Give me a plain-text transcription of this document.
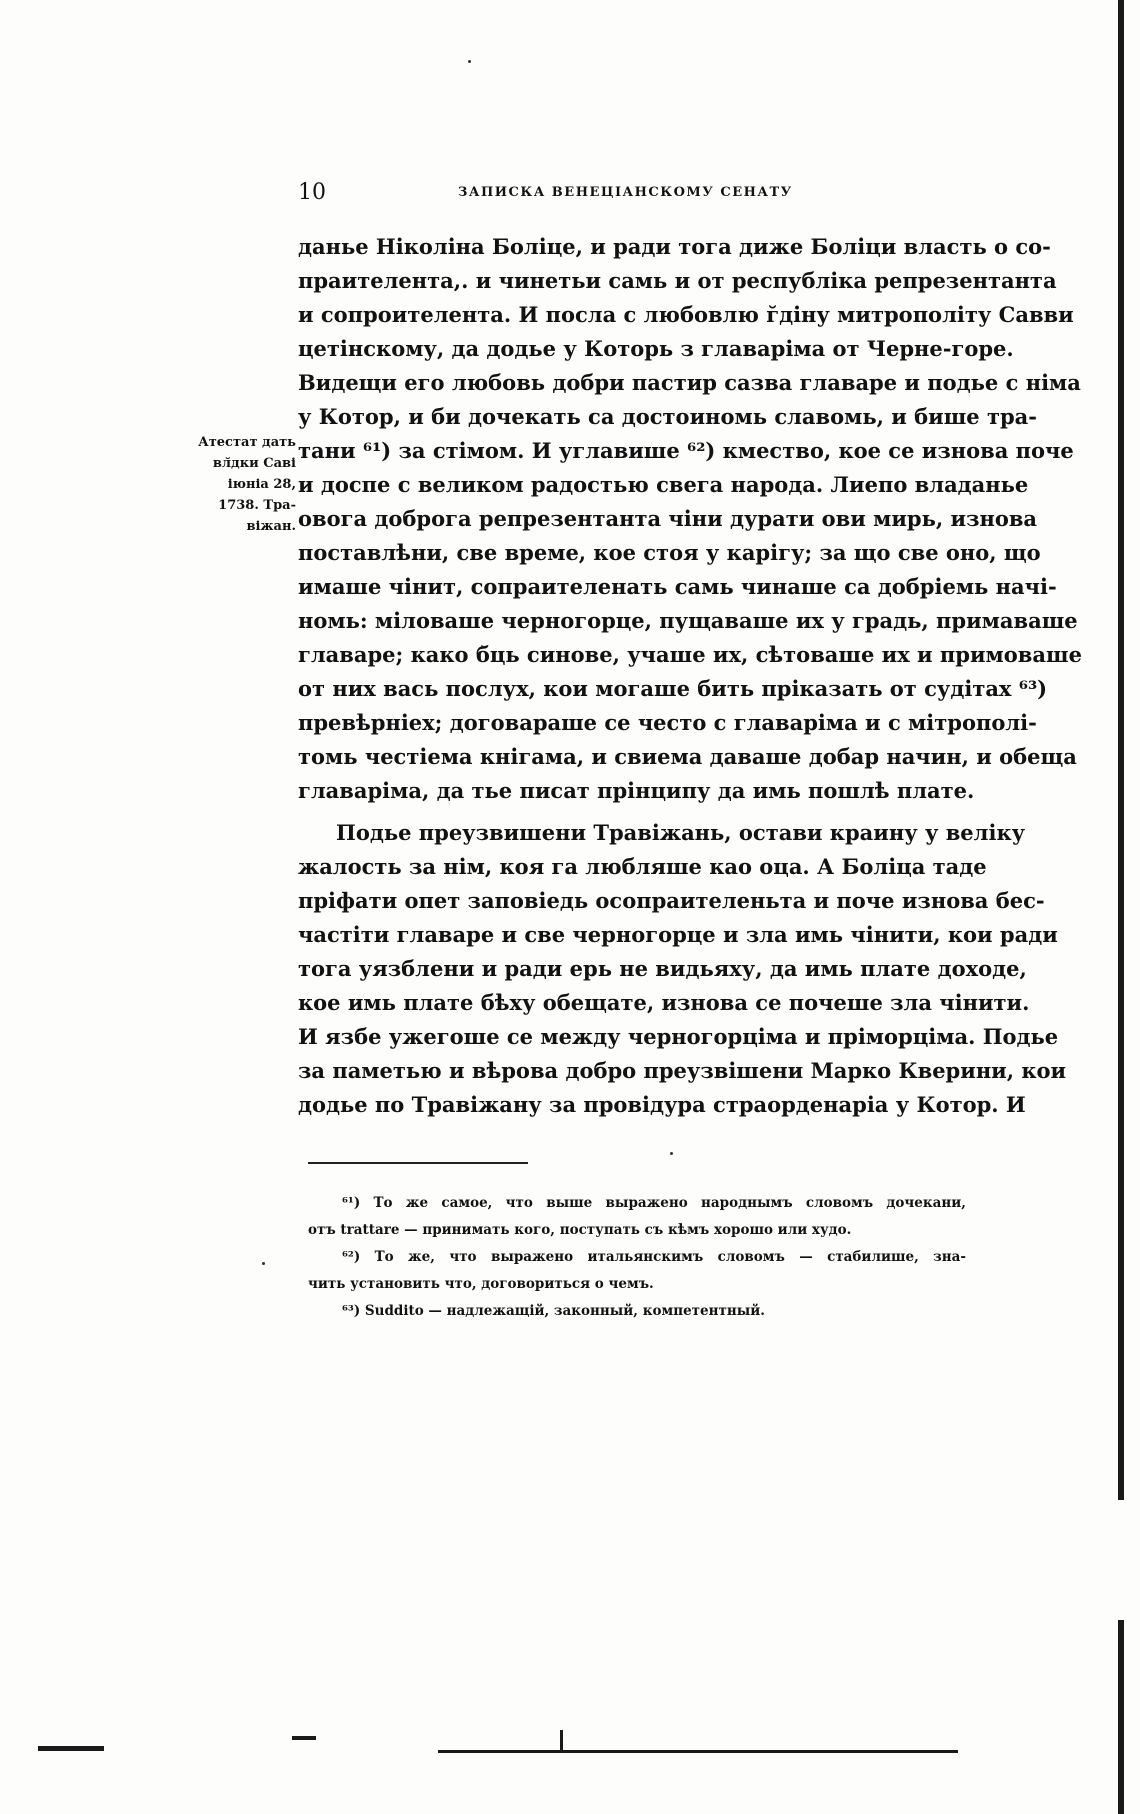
10	ЗАПИСКА ВЕНЕЦІАНСКОМУ СЕНАТУ
Атестат дать
вл̆дки Саві
іюніа 28,
1738. Тра-
віжан.
данье Ніколіна Боліце, и ради тога диже Боліци власть о со-
праителента,. и чинетьи самь и от республіка репрезентанта
и сопроителента. И посла с любовлю г̆діну митрополіту Савви
цетінскому, да додье у Которь з главаріма от Черне-горе.
Видещи его любовь добри пастир сазва главаре и подье с німа
у Котор, и би дочекать са достоиномь славомь, и бише тра-
тани ⁶¹) за стімом. И углавише ⁶²) кмество, кое се изнова поче
и доспе с великом радостью свега народа. Лиепо владанье
овога доброга репрезентанта чіни дурати ови мирь, изнова
поставлѣни, све време, кое стоя у карігу; за що све оно, що
имаше чінит, сопраителенать самь чинаше са добріемь начі-
номь: міловаше черногорце, пущаваше их у градь, примаваше
главаре; како б̆ць синове, учаше их, сѣтоваше их и примоваше
от них вась послух, кои могаше бить пріказать от судітах ⁶³)
превѣрніех; договараше се често с главаріма и с мітрополі-
томь честіема кнігама, и свиема даваше добар начин, и обеща
главаріма, да тье писат прінципу да имь пошлѣ плате.
Подье преузвишени Травіжань, остави краину у веліку
жалость за нім, коя га любляше као оца. А Боліца таде
пріфати опет заповіедь осопраителеньта и поче изнова бес-
частіти главаре и све черногорце и зла имь чінити, кои ради
тога уязблени и ради ерь не видьяху, да имь плате доходе,
кое имь плате бѣху обещате, изнова се почеше зла чінити.
И язбе ужегоше се между черногорціма и пріморціма. Подье
за паметью и вѣрова добро преузвішени Марко Кверини, кои
додье по Травіжану за провідура страорденаріа у Котор. И
⁶¹) То же самое, что выше выражено народнымъ словомъ дочекани,
отъ trattare — принимать кого, поступать съ кѣмъ хорошо или худо.
⁶²) То же, что выражено итальянскимъ словомъ — стабилише, зна-
чить установить что, договориться о чемъ.
⁶³) Suddito — надлежащій, законный, компетентный.
